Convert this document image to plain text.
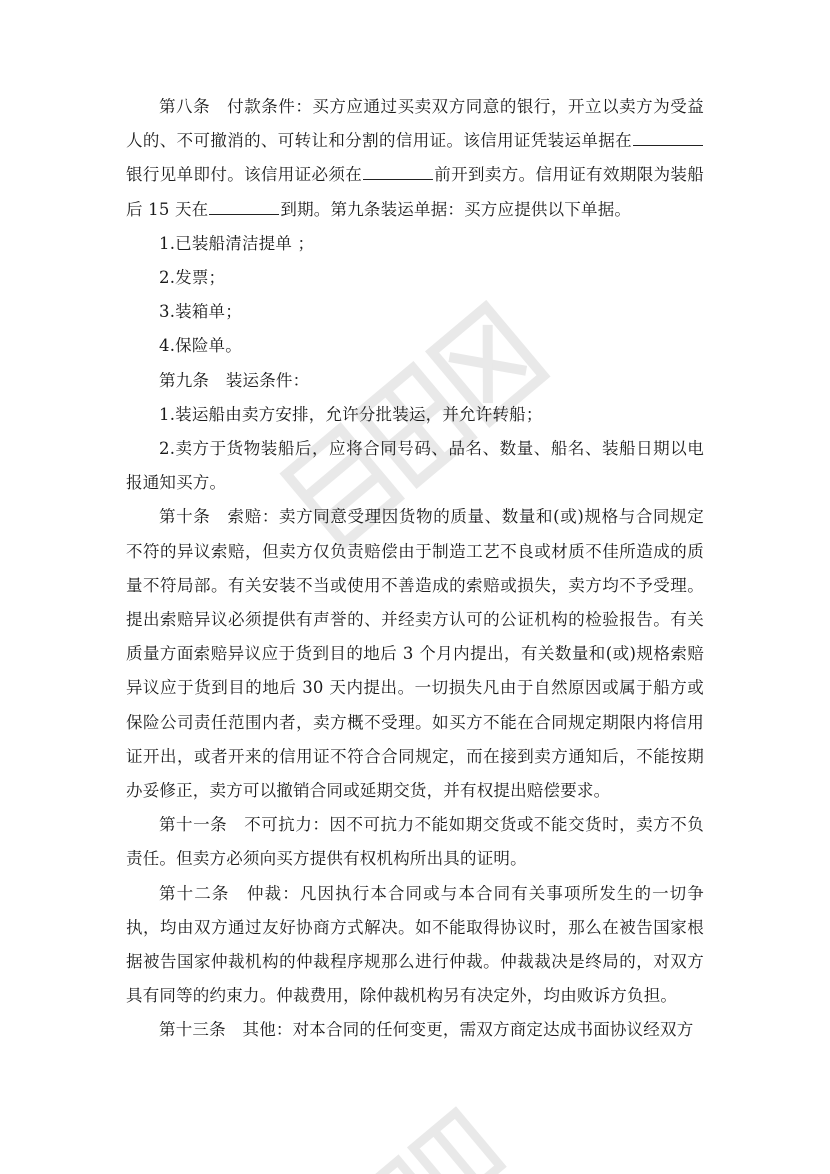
第八条　付款条件：买方应通过买卖双方同意的银行，开立以卖方为受益人的、不可撤消的、可转让和分割的信用证。该信用证凭装运单据在银行见单即付。该信用证必须在	前开到卖方。信用证有效期限为装船后 15 天在	到期。第九条装运单据：买方应提供以下单据。

1.已装船清洁提单 ；

2.发票；

3.装箱单；

4.保险单。

第九条　装运条件：

1.装运船由卖方安排，允许分批装运，并允许转船；

2.卖方于货物装船后，应将合同号码、品名、数量、船名、装船日期以电报通知买方。

第十条　索赔：卖方同意受理因货物的质量、数量和(或)规格与合同规定不符的异议索赔，但卖方仅负责赔偿由于制造工艺不良或材质不佳所造成的质量不符局部。有关安装不当或使用不善造成的索赔或损失，卖方均不予受理。提出索赔异议必须提供有声誉的、并经卖方认可的公证机构的检验报告。有关质量方面索赔异议应于货到目的地后 3 个月内提出，有关数量和(或)规格索赔异议应于货到目的地后 30 天内提出。一切损失凡由于自然原因或属于船方或保险公司责任范围内者，卖方概不受理。如买方不能在合同规定期限内将信用证开出，或者开来的信用证不符合合同规定，而在接到卖方通知后，不能按期办妥修正，卖方可以撤销合同或延期交货，并有权提出赔偿要求。

第十一条　不可抗力：因不可抗力不能如期交货或不能交货时，卖方不负责任。但卖方必须向买方提供有权机构所出具的证明。

第十二条　仲裁：凡因执行本合同或与本合同有关事项所发生的一切争执，均由双方通过友好协商方式解决。如不能取得协议时，那么在被告国家根据被告国家仲裁机构的仲裁程序规那么进行仲裁。仲裁裁决是终局的，对双方具有同等的约束力。仲裁费用，除仲裁机构另有决定外，均由败诉方负担。

第十三条　其他：对本合同的任何变更，需双方商定达成书面协议经双方
